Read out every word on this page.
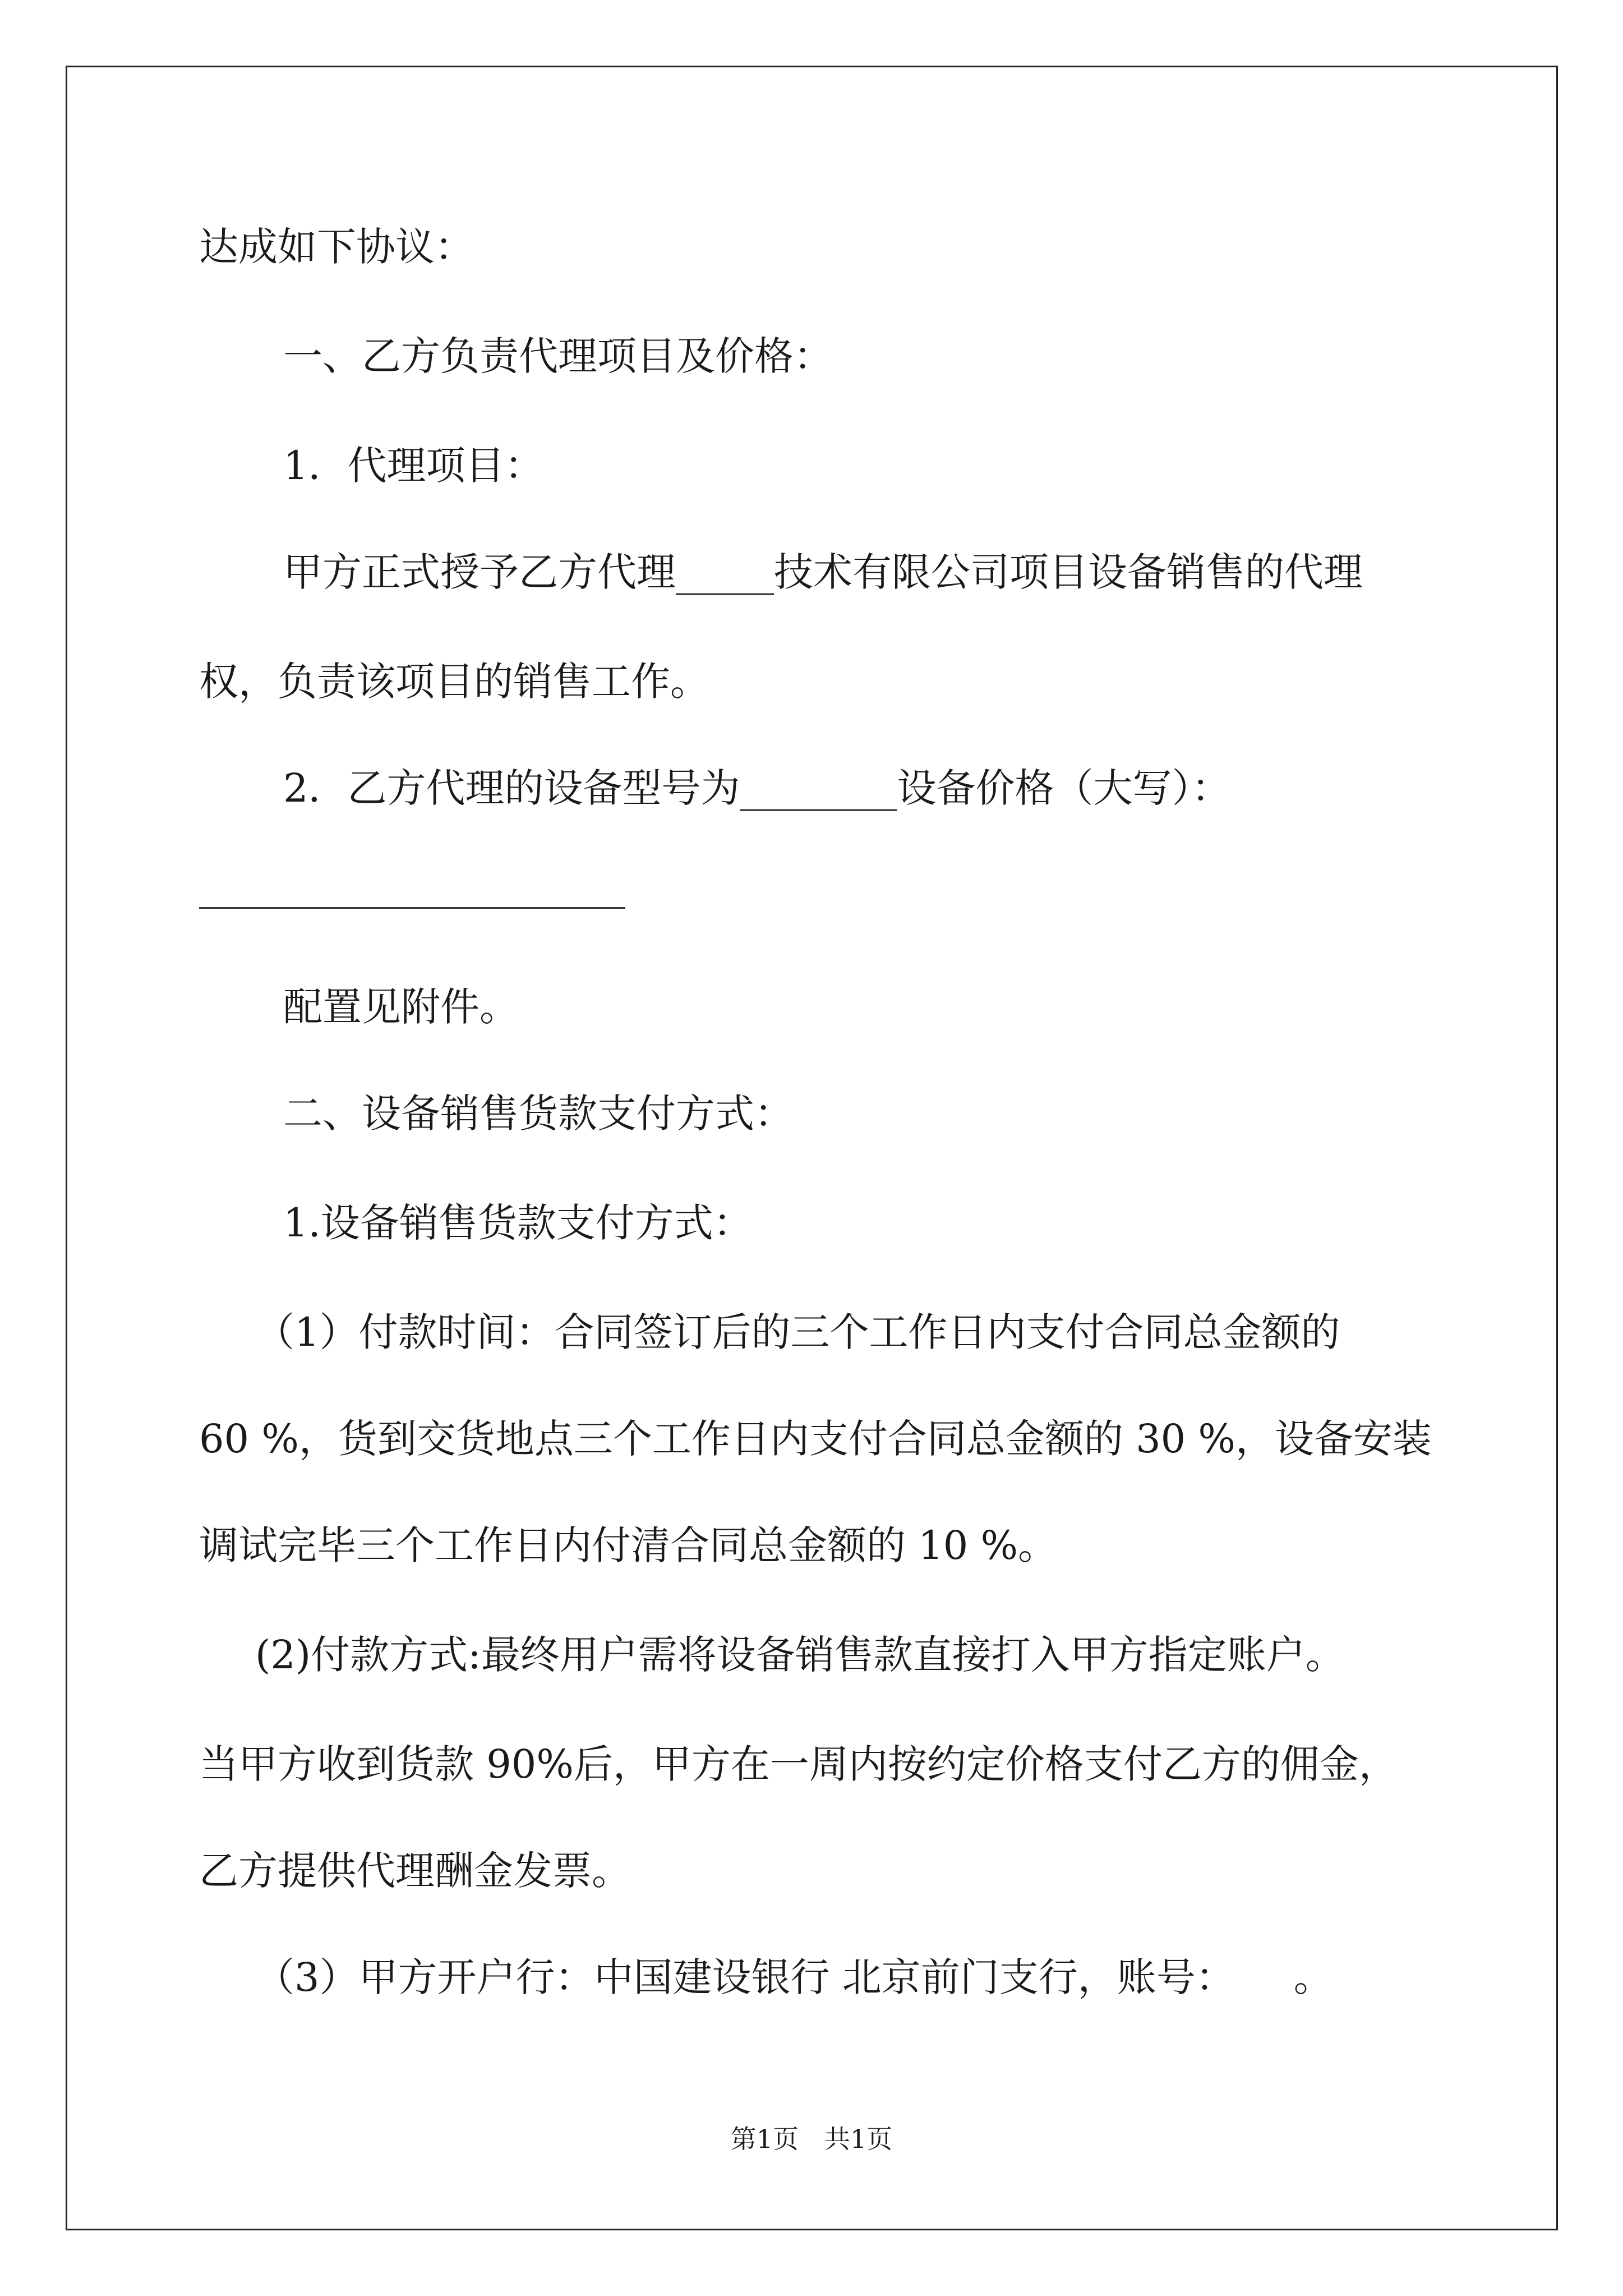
达成如下协议：
一、乙方负责代理项目及价格：
1．代理项目：
甲方正式授予乙方代理_____技术有限公司项目设备销售的代理
权，负责该项目的销售工作。
2．乙方代理的设备型号为________设备价格（大写）：
配置见附件。
二、设备销售货款支付方式：
1.设备销售货款支付方式：
（1）付款时间：合同签订后的三个工作日内支付合同总金额的
60 %，货到交货地点三个工作日内支付合同总金额的 30 %，设备安装
调试完毕三个工作日内付清合同总金额的 10 %。
(2)付款方式:最终用户需将设备销售款直接打入甲方指定账户。
当甲方收到货款 90%后，甲方在一周内按约定价格支付乙方的佣金，
乙方提供代理酬金发票。
（3）甲方开户行：中国建设银行 北京前门支行，账号：　　。
第1页　共1页
